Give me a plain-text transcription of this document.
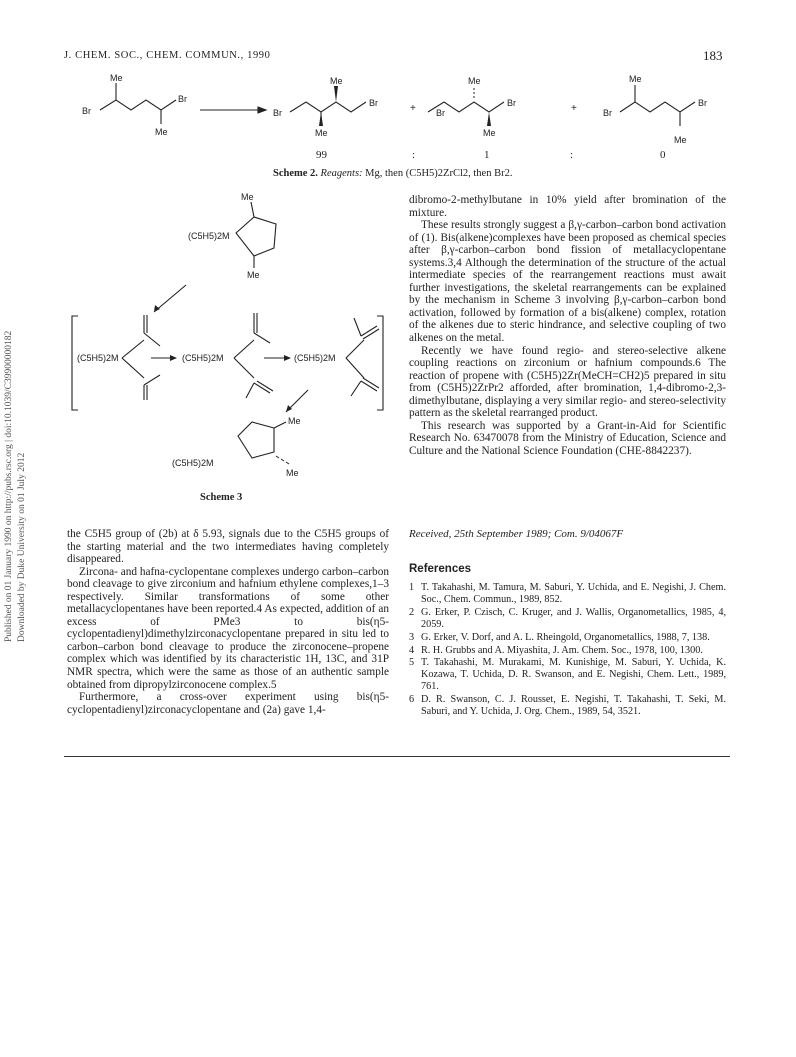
J. CHEM. SOC., CHEM. COMMUN., 1990	183
Published on 01 January 1990 on http://pubs.rsc.org | doi:10.1039/C39900000182 Downloaded by Duke University on 01 July 2012
Br
Me
Br
Me
Br
Me
Br
Me
+ Br
Me
Br
Me
+	Br
Me
Br
Me
99	:	1	:	0
Scheme 2. Reagents: Mg, then (C5H5)2ZrCl2, then Br2.
(C5H5)2M
Me
Me
(C5H5)2M	(C5H5)2M	(C5H5)2M
(C5H5)2M
Me
Me
Scheme 3

the C5H5 group of (2b) at δ 5.93, signals due to the C5H5 groups of the starting material and the two intermediates having completely disappeared.

Zircona- and hafna-cyclopentane complexes undergo carbon–carbon bond cleavage to give zirconium and hafnium ethylene complexes,1–3 respectively. Similar transformations of some other metallacyclopentanes have been reported.4 As expected, addition of an excess of PMe3 to bis(η5-cyclopentadienyl)dimethylzirconacyclopentane prepared in situ led to carbon–carbon bond cleavage to produce the zirconocene–propene complex which was identified by its characteristic 1H, 13C, and 31P NMR spectra, which were the same as those of an authentic sample obtained from dipropylzirconocene complex.5

Furthermore, a cross-over experiment using bis(η5-cyclopentadienyl)zirconacyclopentane and (2a) gave 1,4-

dibromo-2-methylbutane in 10% yield after bromination of the mixture.

These results strongly suggest a β,γ-carbon–carbon bond activation of (1). Bis(alkene)complexes have been proposed as chemical species after β,γ-carbon–carbon bond fission of metallacyclopentane systems.3,4 Although the determination of the structure of the actual intermediate species of the rearrangement reactions must await further investigations, the skeletal rearrangements can be explained by the mechanism in Scheme 3 involving β,γ-carbon–carbon bond activation, followed by formation of a bis(alkene) complex, rotation of the alkenes due to steric hindrance, and selective coupling of two alkenes on the metal.

Recently we have found regio- and stereo-selective alkene coupling reactions on zirconium or hafnium compounds.6 The reaction of propene with (C5H5)2Zr(MeCH=CH2)5 prepared in situ from (C5H5)2ZrPr2 afforded, after bromination, 1,4-dibromo-2,3-dimethylbutane, displaying a very similar regio- and stereo-selectivity pattern as the skeletal rearranged product.

This research was supported by a Grant-in-Aid for Scientific Research No. 63470078 from the Ministry of Education, Science and Culture and the National Science Foundation (CHE-8842237).

Received, 25th September 1989; Com. 9/04067F
References
1 T. Takahashi, M. Tamura, M. Saburi, Y. Uchida, and E. Negishi, J. Chem. Soc., Chem. Commun., 1989, 852.
2 G. Erker, P. Czisch, C. Kruger, and J. Wallis, Organometallics, 1985, 4, 2059.
3 G. Erker, V. Dorf, and A. L. Rheingold, Organometallics, 1988, 7, 138.
4 R. H. Grubbs and A. Miyashita, J. Am. Chem. Soc., 1978, 100, 1300.
5 T. Takahashi, M. Murakami, M. Kunishige, M. Saburi, Y. Uchida, K. Kozawa, T. Uchida, D. R. Swanson, and E. Negishi, Chem. Lett., 1989, 761.
6 D. R. Swanson, C. J. Rousset, E. Negishi, T. Takahashi, T. Seki, M. Saburi, and Y. Uchida, J. Org. Chem., 1989, 54, 3521.
